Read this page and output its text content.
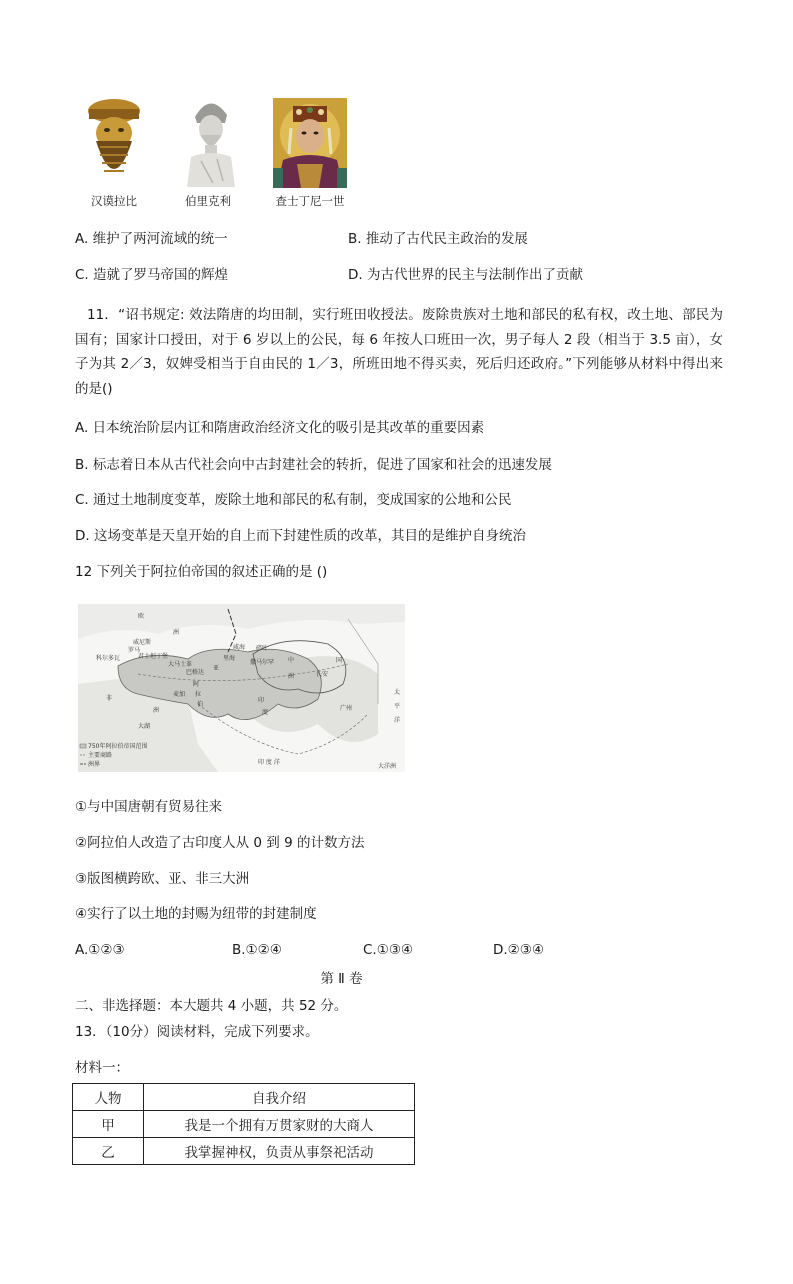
汉谟拉比	伯里克利	查士丁尼一世
A. 维护了两河流域的统一	B. 推动了古代民主政治的发展
C. 造就了罗马帝国的辉煌	D. 为古代世界的民主与法制作出了贡献
11．“诏书规定: 效法隋唐的均田制，实行班田收授法。废除贵族对土地和部民的私有权，改土地、部民为国有；国家计口授田，对于 6 岁以上的公民，每 6 年按人口班田一次，男子每人 2 段（相当于 3.5 亩），女子为其 2／3，奴婢受相当于自由民的 1／3，所班田地不得买卖，死后归还政府。”下列能够从材料中得出来的是()
A. 日本统治阶层内讧和隋唐政治经济文化的吸引是其改革的重要因素
B. 标志着日本从古代社会向中古封建社会的转折，促进了国家和社会的迅速发展
C. 通过土地制度变革，废除土地和部民的私有制，变成国家的公地和公民
D. 这场变革是天皇开始的自上而下封建性质的改革，其目的是维护自身统治
12 下列关于阿拉伯帝国的叙述正确的是 ()
欧
洲
威尼斯
君士坦丁堡
罗马
里海
咸海 碎叶
中	国
洲	长安
大马士革
巴格达
撒马尔罕
麦加
阿
拉
伯
印
度
非
洲	广州
太
平
洋
亚
印 度 洋
科尔多瓦
大湖
750年阿拉伯帝国范围
主要商路
洲界	大洋洲
①与中国唐朝有贸易往来
②阿拉伯人改造了古印度人从 0 到 9 的计数方法
③版图横跨欧、亚、非三大洲
④实行了以土地的封赐为纽带的封建制度
A.①②③	B.①②④	C.①③④	D.②③④
第 Ⅱ 卷
二、非选择题：本大题共 4 小题，共 52 分。
13．（10分）阅读材料，完成下列要求。
材料一：
人物	自我介绍
甲	我是一个拥有万贯家财的大商人
乙	我掌握神权，负责从事祭祀活动
